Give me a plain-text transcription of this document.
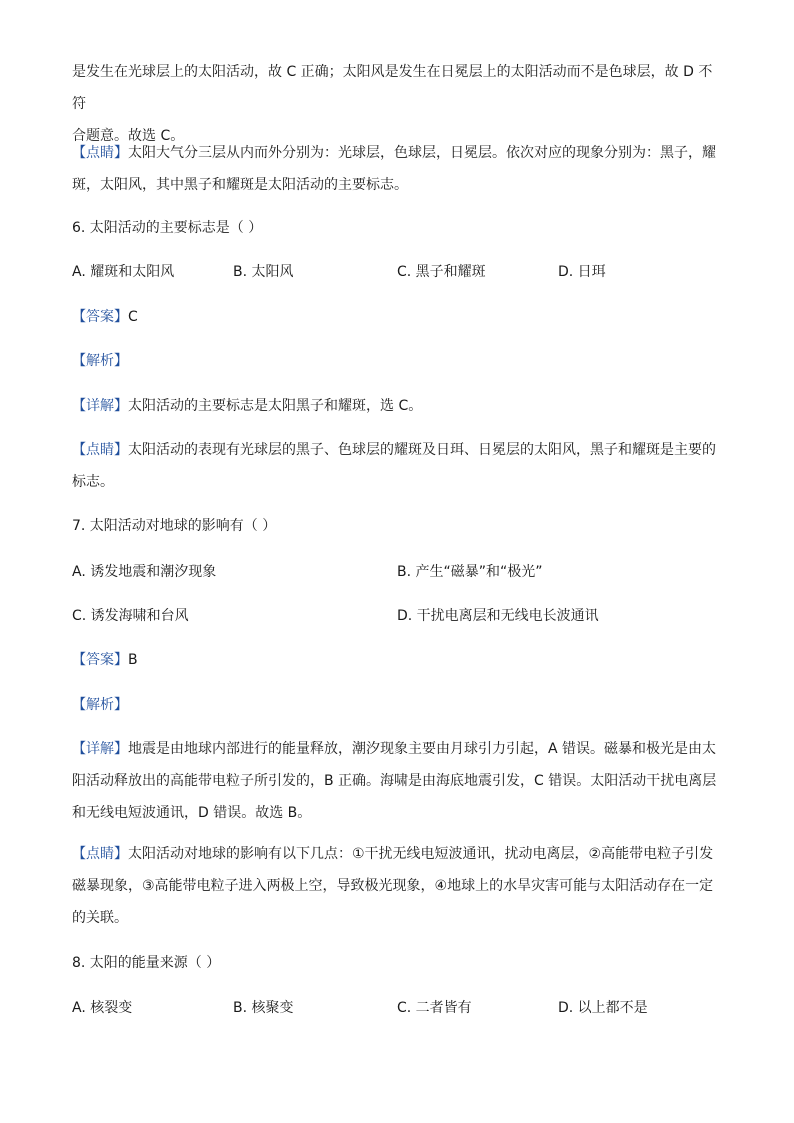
是发生在光球层上的太阳活动，故 C 正确；太阳风是发生在日冕层上的太阳活动而不是色球层，故 D 不符
合题意。故选 C。

【点睛】太阳大气分三层从内而外分别为：光球层，色球层，日冕层。依次对应的现象分别为：黑子，耀斑，太阳风，其中黑子和耀斑是太阳活动的主要标志。

6. 太阳活动的主要标志是（ ）

A. 耀斑和太阳风	B. 太阳风	C. 黑子和耀斑	D. 日珥

【答案】C

【解析】

【详解】太阳活动的主要标志是太阳黑子和耀斑，选 C。

【点睛】太阳活动的表现有光球层的黑子、色球层的耀斑及日珥、日冕层的太阳风，黑子和耀斑是主要的标志。

7. 太阳活动对地球的影响有（ ）

A. 诱发地震和潮汐现象	B. 产生“磁暴”和“极光”
C. 诱发海啸和台风	D. 干扰电离层和无线电长波通讯

【答案】B

【解析】

【详解】地震是由地球内部进行的能量释放，潮汐现象主要由月球引力引起，A 错误。磁暴和极光是由太阳活动释放出的高能带电粒子所引发的，B 正确。海啸是由海底地震引发，C 错误。太阳活动干扰电离层和无线电短波通讯，D 错误。故选 B。

【点睛】太阳活动对地球的影响有以下几点：①干扰无线电短波通讯，扰动电离层，②高能带电粒子引发磁暴现象，③高能带电粒子进入两极上空，导致极光现象，④地球上的水旱灾害可能与太阳活动存在一定的关联。

8. 太阳的能量来源（ ）

A. 核裂变	B. 核聚变	C. 二者皆有	D. 以上都不是
